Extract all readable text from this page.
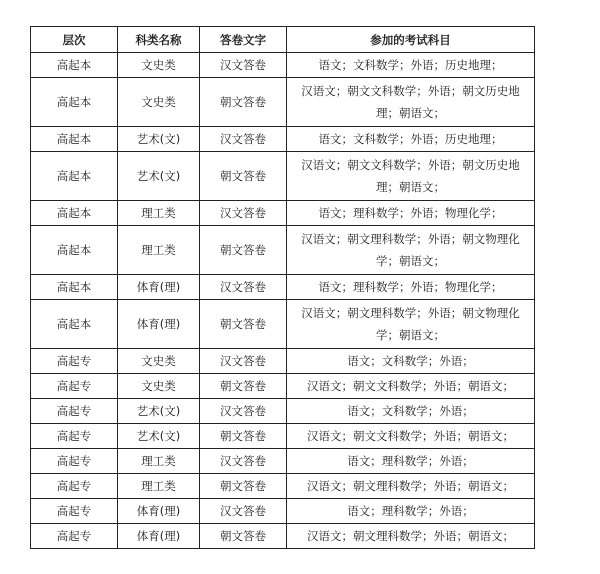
层次	科类名称	答卷文字	参加的考试科目
高起本	文史类	汉文答卷	语文；文科数学；外语；历史地理；
高起本	文史类	朝文答卷	汉语文；朝文文科数学；外语；朝文历史地理；朝语文；
高起本	艺术(文)	汉文答卷	语文；文科数学；外语；历史地理；
高起本	艺术(文)	朝文答卷	汉语文；朝文文科数学；外语；朝文历史地理；朝语文；
高起本	理工类	汉文答卷	语文；理科数学；外语；物理化学；
高起本	理工类	朝文答卷	汉语文；朝文理科数学；外语；朝文物理化学；朝语文；
高起本	体育(理)	汉文答卷	语文；理科数学；外语；物理化学；
高起本	体育(理)	朝文答卷	汉语文；朝文理科数学；外语；朝文物理化学；朝语文；
高起专	文史类	汉文答卷	语文；文科数学；外语；
高起专	文史类	朝文答卷	汉语文；朝文文科数学；外语；朝语文；
高起专	艺术(文)	汉文答卷	语文；文科数学；外语；
高起专	艺术(文)	朝文答卷	汉语文；朝文文科数学；外语；朝语文；
高起专	理工类	汉文答卷	语文；理科数学；外语；
高起专	理工类	朝文答卷	汉语文；朝文理科数学；外语；朝语文；
高起专	体育(理)	汉文答卷	语文；理科数学；外语；
高起专	体育(理)	朝文答卷	汉语文；朝文理科数学；外语；朝语文；
